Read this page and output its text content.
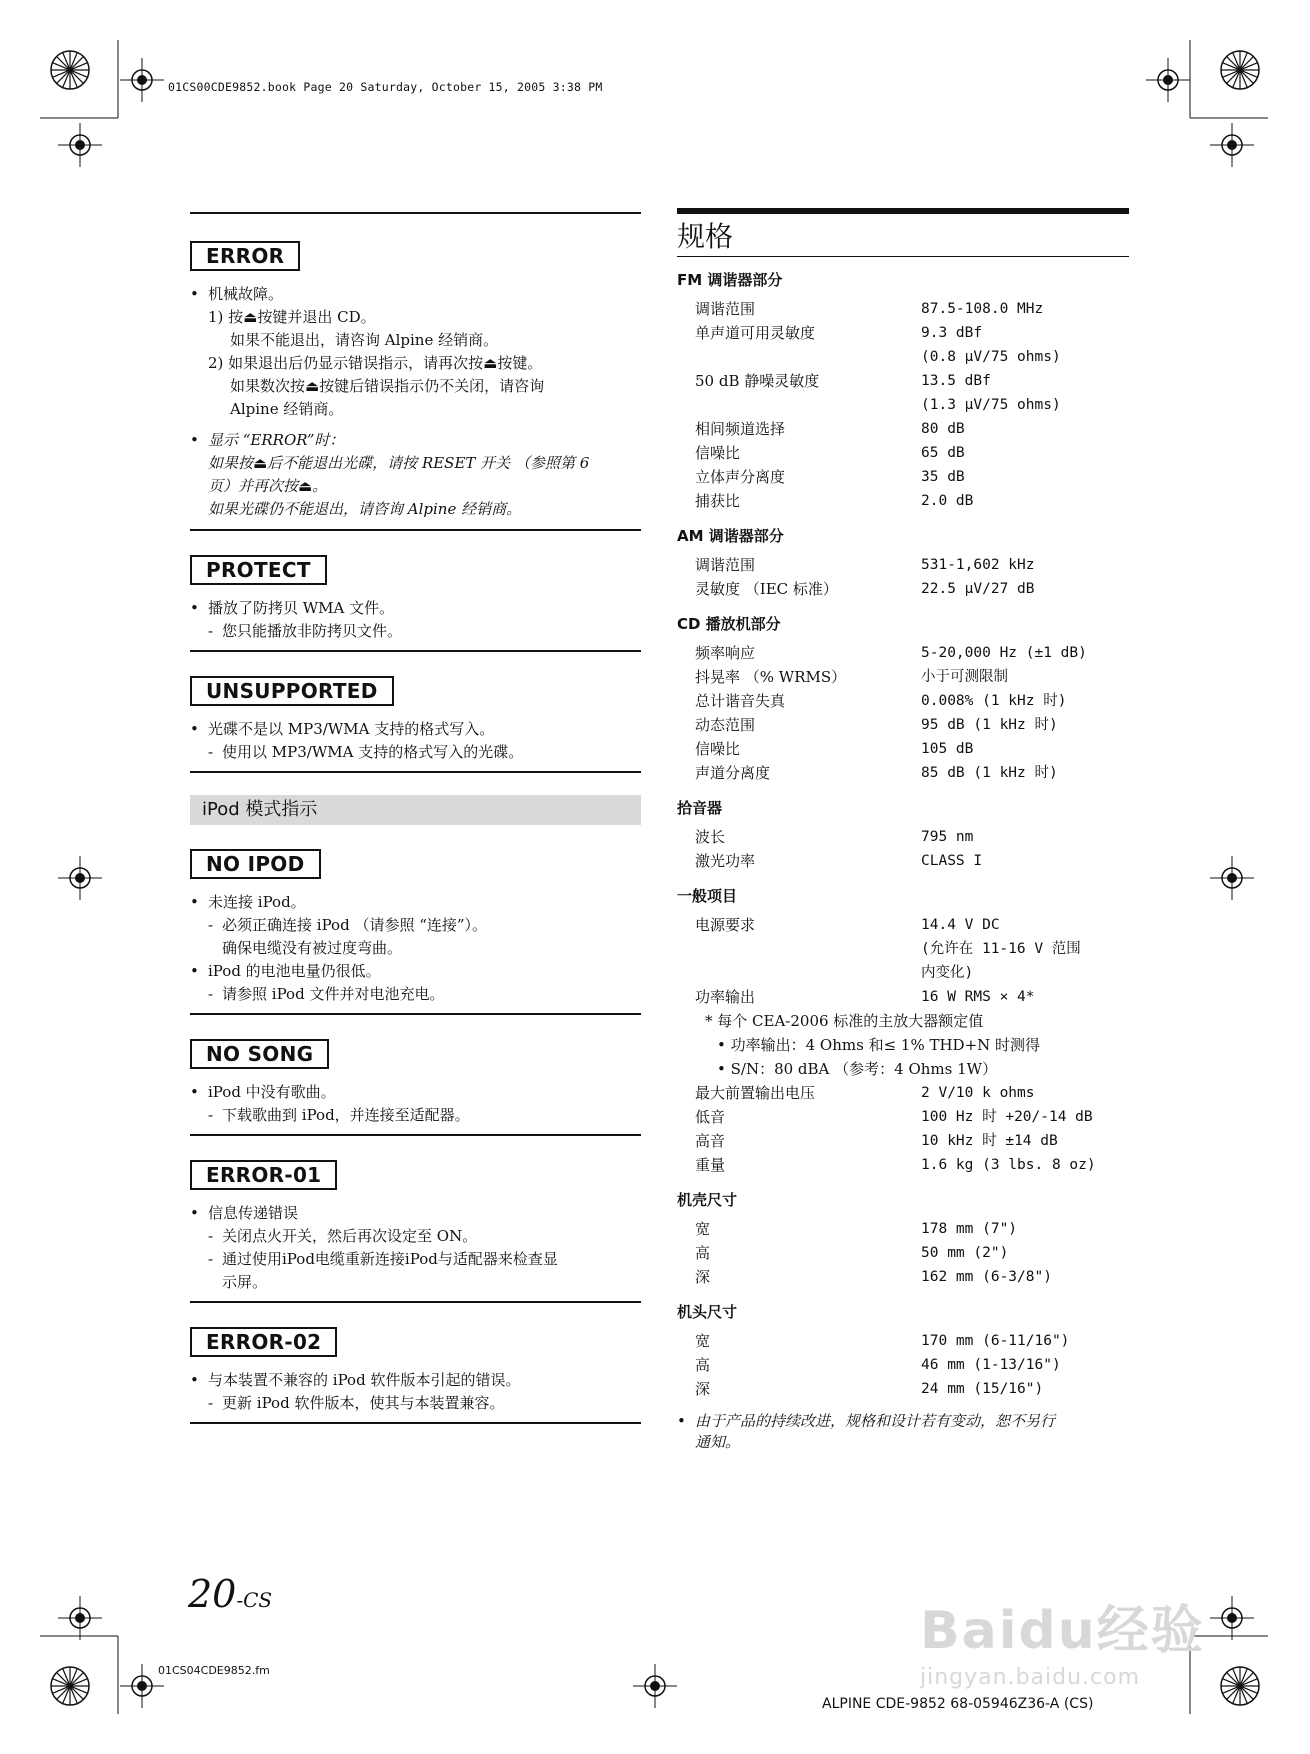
01CS00CDE9852.book Page 20 Saturday, October 15, 2005 3:38 PM
ERROR
• 机械故障。
1) 按⏏按键并退出 CD。
如果不能退出，请咨询 Alpine 经销商。
2) 如果退出后仍显示错误指示，请再次按⏏按键。
如果数次按⏏按键后错误指示仍不关闭，请咨询
Alpine 经销商。
• 显示 “ERROR”时：
如果按⏏后不能退出光碟，请按 RESET 开关 （参照第 6
页）并再次按⏏。
如果光碟仍不能退出，请咨询 Alpine 经销商。
PROTECT
• 播放了防拷贝 WMA 文件。
- 您只能播放非防拷贝文件。
UNSUPPORTED
• 光碟不是以 MP3/WMA 支持的格式写入。
- 使用以 MP3/WMA 支持的格式写入的光碟。
iPod 模式指示
NO IPOD
• 未连接 iPod。
- 必须正确连接 iPod （请参照 “连接”）。
确保电缆没有被过度弯曲。
• iPod 的电池电量仍很低。
- 请参照 iPod 文件并对电池充电。
NO SONG
• iPod 中没有歌曲。
- 下载歌曲到 iPod，并连接至适配器。
ERROR-01
• 信息传递错误
- 关闭点火开关，然后再次设定至 ON。
- 通过使用iPod电缆重新连接iPod与适配器来检查显
示屏。
ERROR-02
• 与本装置不兼容的 iPod 软件版本引起的错误。
- 更新 iPod 软件版本，使其与本装置兼容。
规格
FM 调谐器部分
调谐范围	87.5-108.0 MHz
单声道可用灵敏度	9.3 dBf
	(0.8 μV/75 ohms)
50 dB 静噪灵敏度	13.5 dBf
	(1.3 μV/75 ohms)
相间频道选择	80 dB
信噪比	65 dB
立体声分离度	35 dB
捕获比	2.0 dB
AM 调谐器部分
调谐范围	531-1,602 kHz
灵敏度 （IEC 标准）	22.5 μV/27 dB
CD 播放机部分
频率响应	5-20,000 Hz (±1 dB)
抖晃率 （% WRMS）	小于可测限制
总计谐音失真	0.008% (1 kHz 时)
动态范围	95 dB (1 kHz 时)
信噪比	105 dB
声道分离度	85 dB (1 kHz 时)
拾音器
波长	795 nm
激光功率	CLASS I
一般项目
电源要求	14.4 V DC
	(允许在 11-16 V 范围
	内变化)
功率输出	16 W RMS × 4*
* 每个 CEA-2006 标准的主放大器额定值	
• 功率输出：4 Ohms 和≤ 1% THD+N 时测得	
• S/N：80 dBA （参考：4 Ohms 1W）	
最大前置输出电压	2 V/10 k ohms
低音	100 Hz 时 +20/-14 dB
高音	10 kHz 时 ±14 dB
重量	1.6 kg (3 lbs. 8 oz)
机壳尺寸
宽	178 mm (7")
高	50 mm (2")
深	162 mm (6-3/8")
机头尺寸
宽	170 mm (6-11/16")
高	46 mm (1-13/16")
深	24 mm (15/16")
• 由于产品的持续改进，规格和设计若有变动，恕不另行
通知。
20-CS
01CS04CDE9852.fm
ALPINE CDE-9852 68-05946Z36-A (CS)
Baidu经验
jingyan.baidu.com
